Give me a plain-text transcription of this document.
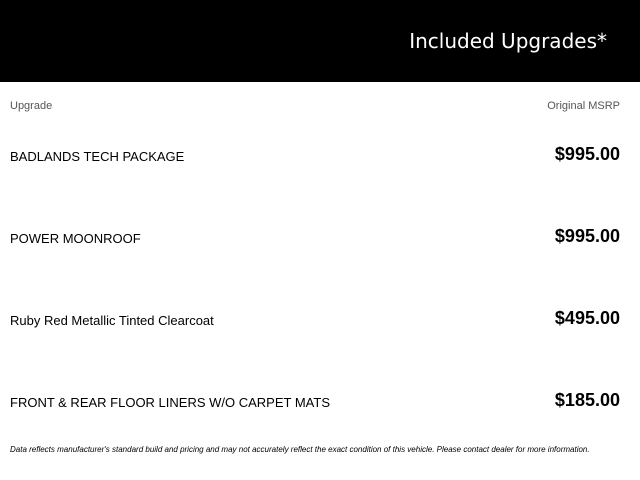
Included Upgrades*
Upgrade	Original MSRP
BADLANDS TECH PACKAGE	$995.00
POWER MOONROOF	$995.00
Ruby Red Metallic Tinted Clearcoat	$495.00
FRONT & REAR FLOOR LINERS W/O CARPET MATS	$185.00
Data reflects manufacturer's standard build and pricing and may not accurately reflect the exact condition of this vehicle. Please contact dealer for more information.
